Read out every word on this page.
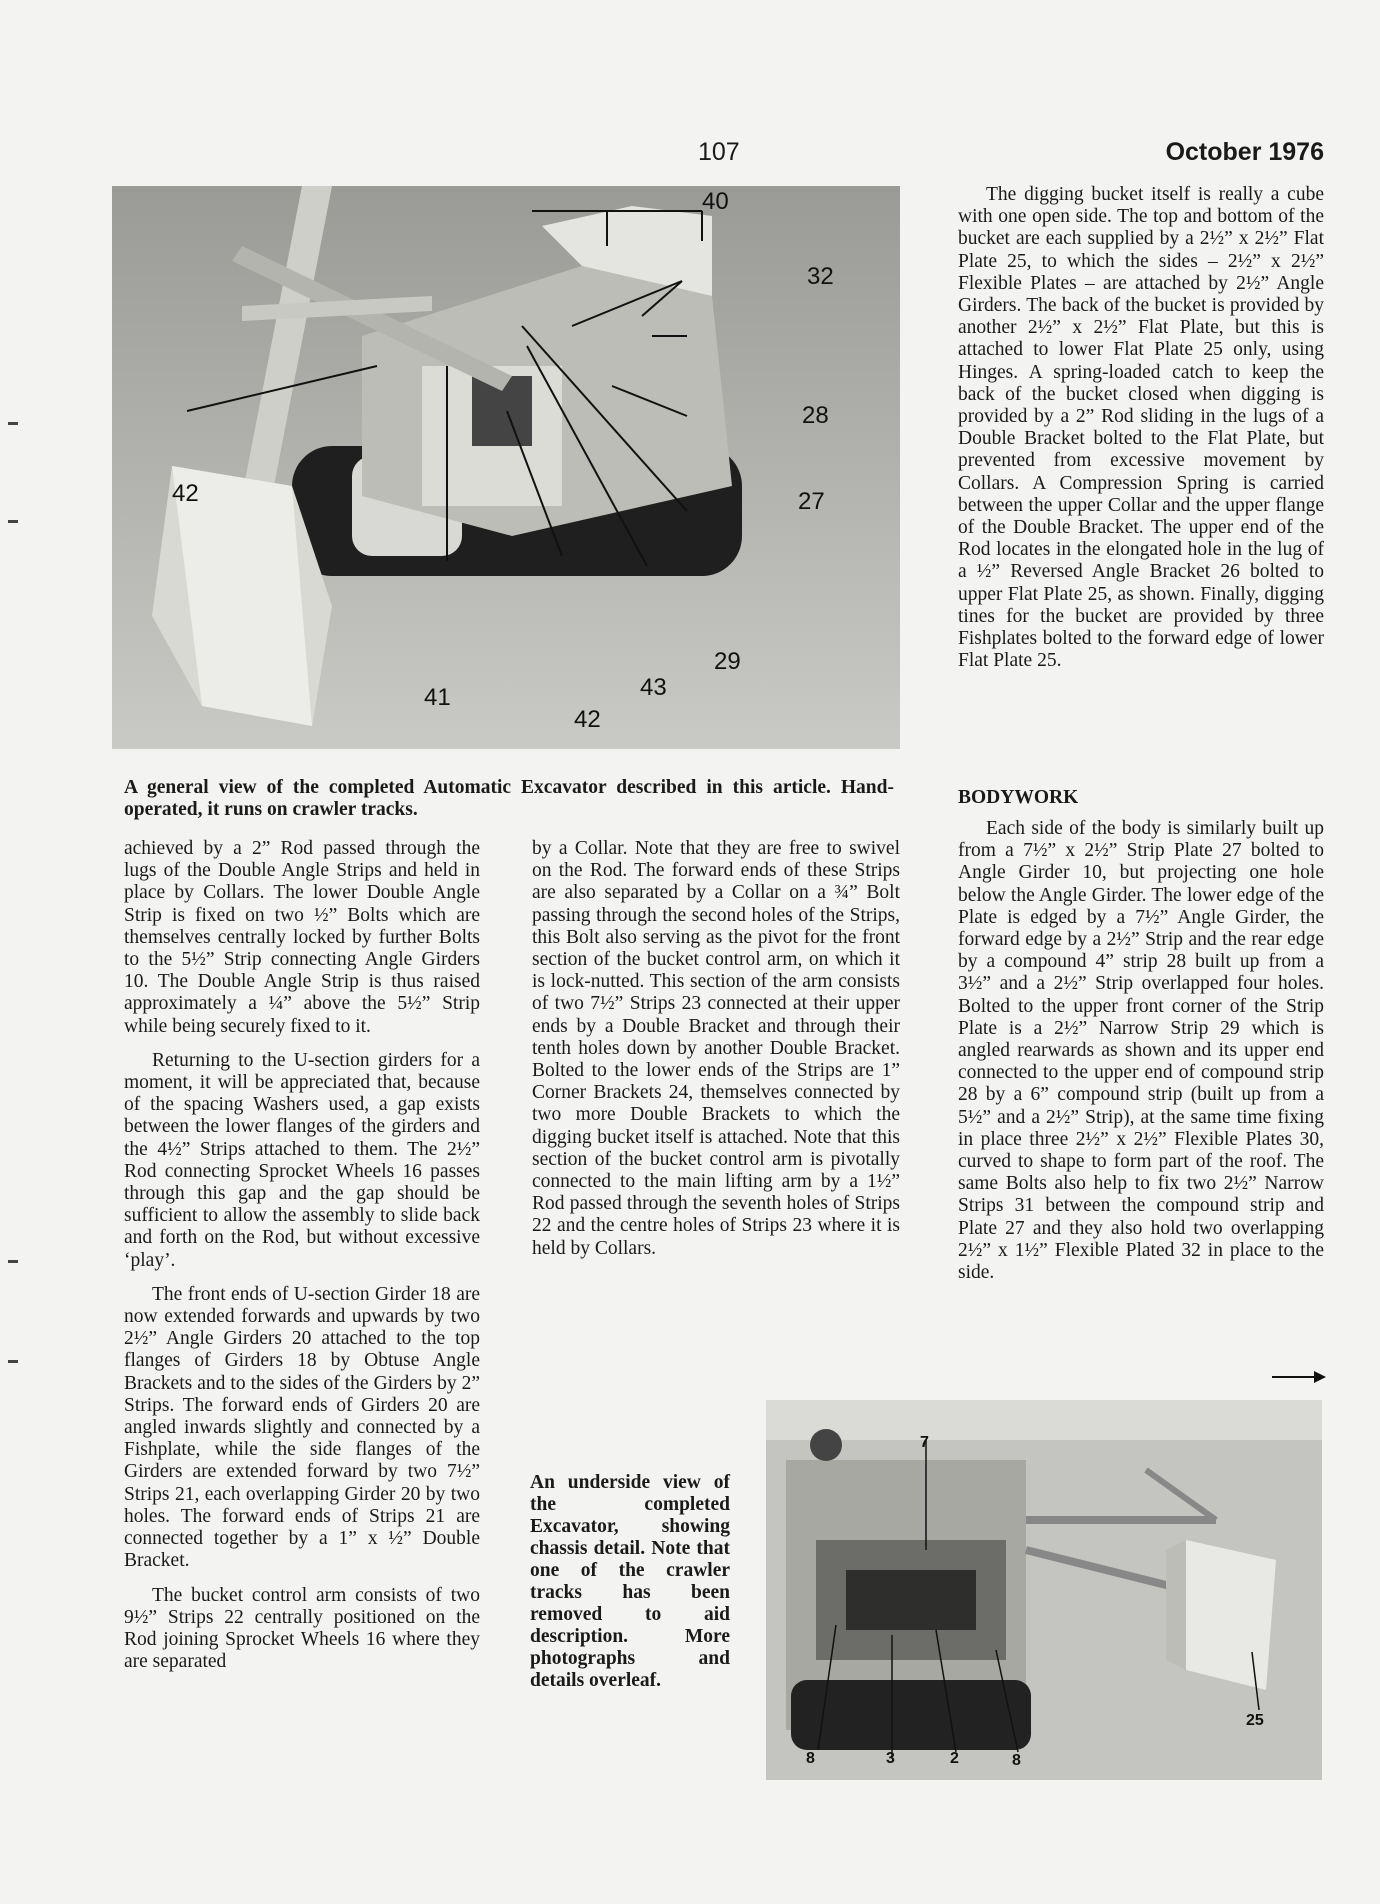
107	October 1976
40
32
28
27
42
41
42
43
29
A general view of the completed Automatic Excavator described in this article. Hand-operated, it runs on crawler tracks.

achieved by a 2” Rod passed through the lugs of the Double Angle Strips and held in place by Collars. The lower Double Angle Strip is fixed on two ½” Bolts which are themselves centrally locked by further Bolts to the 5½” Strip connecting Angle Girders 10. The Double Angle Strip is thus raised approximately a ¼” above the 5½” Strip while being securely fixed to it.

Returning to the U-section girders for a moment, it will be appreciated that, because of the spacing Washers used, a gap exists between the lower flanges of the girders and the 4½” Strips attached to them. The 2½” Rod connecting Sprocket Wheels 16 passes through this gap and the gap should be sufficient to allow the assembly to slide back and forth on the Rod, but without excessive ‘play’.

The front ends of U-section Girder 18 are now extended forwards and upwards by two 2½” Angle Girders 20 attached to the top flanges of Girders 18 by Obtuse Angle Brackets and to the sides of the Girders by 2” Strips. The forward ends of Girders 20 are angled inwards slightly and connected by a Fishplate, while the side flanges of the Girders are extended forward by two 7½” Strips 21, each overlapping Girder 20 by two holes. The forward ends of Strips 21 are connected together by a 1” x ½” Double Bracket.

The bucket control arm consists of two 9½” Strips 22 centrally positioned on the Rod joining Sprocket Wheels 16 where they are separated

by a Collar. Note that they are free to swivel on the Rod. The forward ends of these Strips are also separated by a Collar on a ¾” Bolt passing through the second holes of the Strips, this Bolt also serving as the pivot for the front section of the bucket control arm, on which it is lock-nutted. This section of the arm consists of two 7½” Strips 23 connected at their upper ends by a Double Bracket and through their tenth holes down by another Double Bracket. Bolted to the lower ends of the Strips are 1” Corner Brackets 24, themselves connected by two more Double Brackets to which the digging bucket itself is attached. Note that this section of the bucket control arm is pivotally connected to the main lifting arm by a 1½” Rod passed through the seventh holes of Strips 22 and the centre holes of Strips 23 where it is held by Collars.

The digging bucket itself is really a cube with one open side. The top and bottom of the bucket are each supplied by a 2½” x 2½” Flat Plate 25, to which the sides – 2½” x 2½” Flexible Plates – are attached by 2½” Angle Girders. The back of the bucket is provided by another 2½” x 2½” Flat Plate, but this is attached to lower Flat Plate 25 only, using Hinges. A spring-loaded catch to keep the back of the bucket closed when digging is provided by a 2” Rod sliding in the lugs of a Double Bracket bolted to the Flat Plate, but prevented from excessive movement by Collars. A Compression Spring is carried between the upper Collar and the upper flange of the Double Bracket. The upper end of the Rod locates in the elongated hole in the lug of a ½” Reversed Angle Bracket 26 bolted to upper Flat Plate 25, as shown. Finally, digging tines for the bucket are provided by three Fishplates bolted to the forward edge of lower Flat Plate 25.

BODYWORK

Each side of the body is similarly built up from a 7½” x 2½” Strip Plate 27 bolted to Angle Girder 10, but projecting one hole below the Angle Girder. The lower edge of the Plate is edged by a 7½” Angle Girder, the forward edge by a 2½” Strip and the rear edge by a compound 4” strip 28 built up from a 3½” and a 2½” Strip overlapped four holes. Bolted to the upper front corner of the Strip Plate is a 2½” Narrow Strip 29 which is angled rearwards as shown and its upper end connected to the upper end of compound strip 28 by a 6” compound strip (built up from a 5½” and a 2½” Strip), at the same time fixing in place three 2½” x 2½” Flexible Plates 30, curved to shape to form part of the roof. The same Bolts also help to fix two 2½” Narrow Strips 31 between the compound strip and Plate 27 and they also hold two overlapping 2½” x 1½” Flexible Plated 32 in place to the side.

An underside view of the completed Excavator, showing chassis detail. Note that one of the crawler tracks has been removed to aid description. More photographs and details overleaf.
7
25
8	3	2	8
